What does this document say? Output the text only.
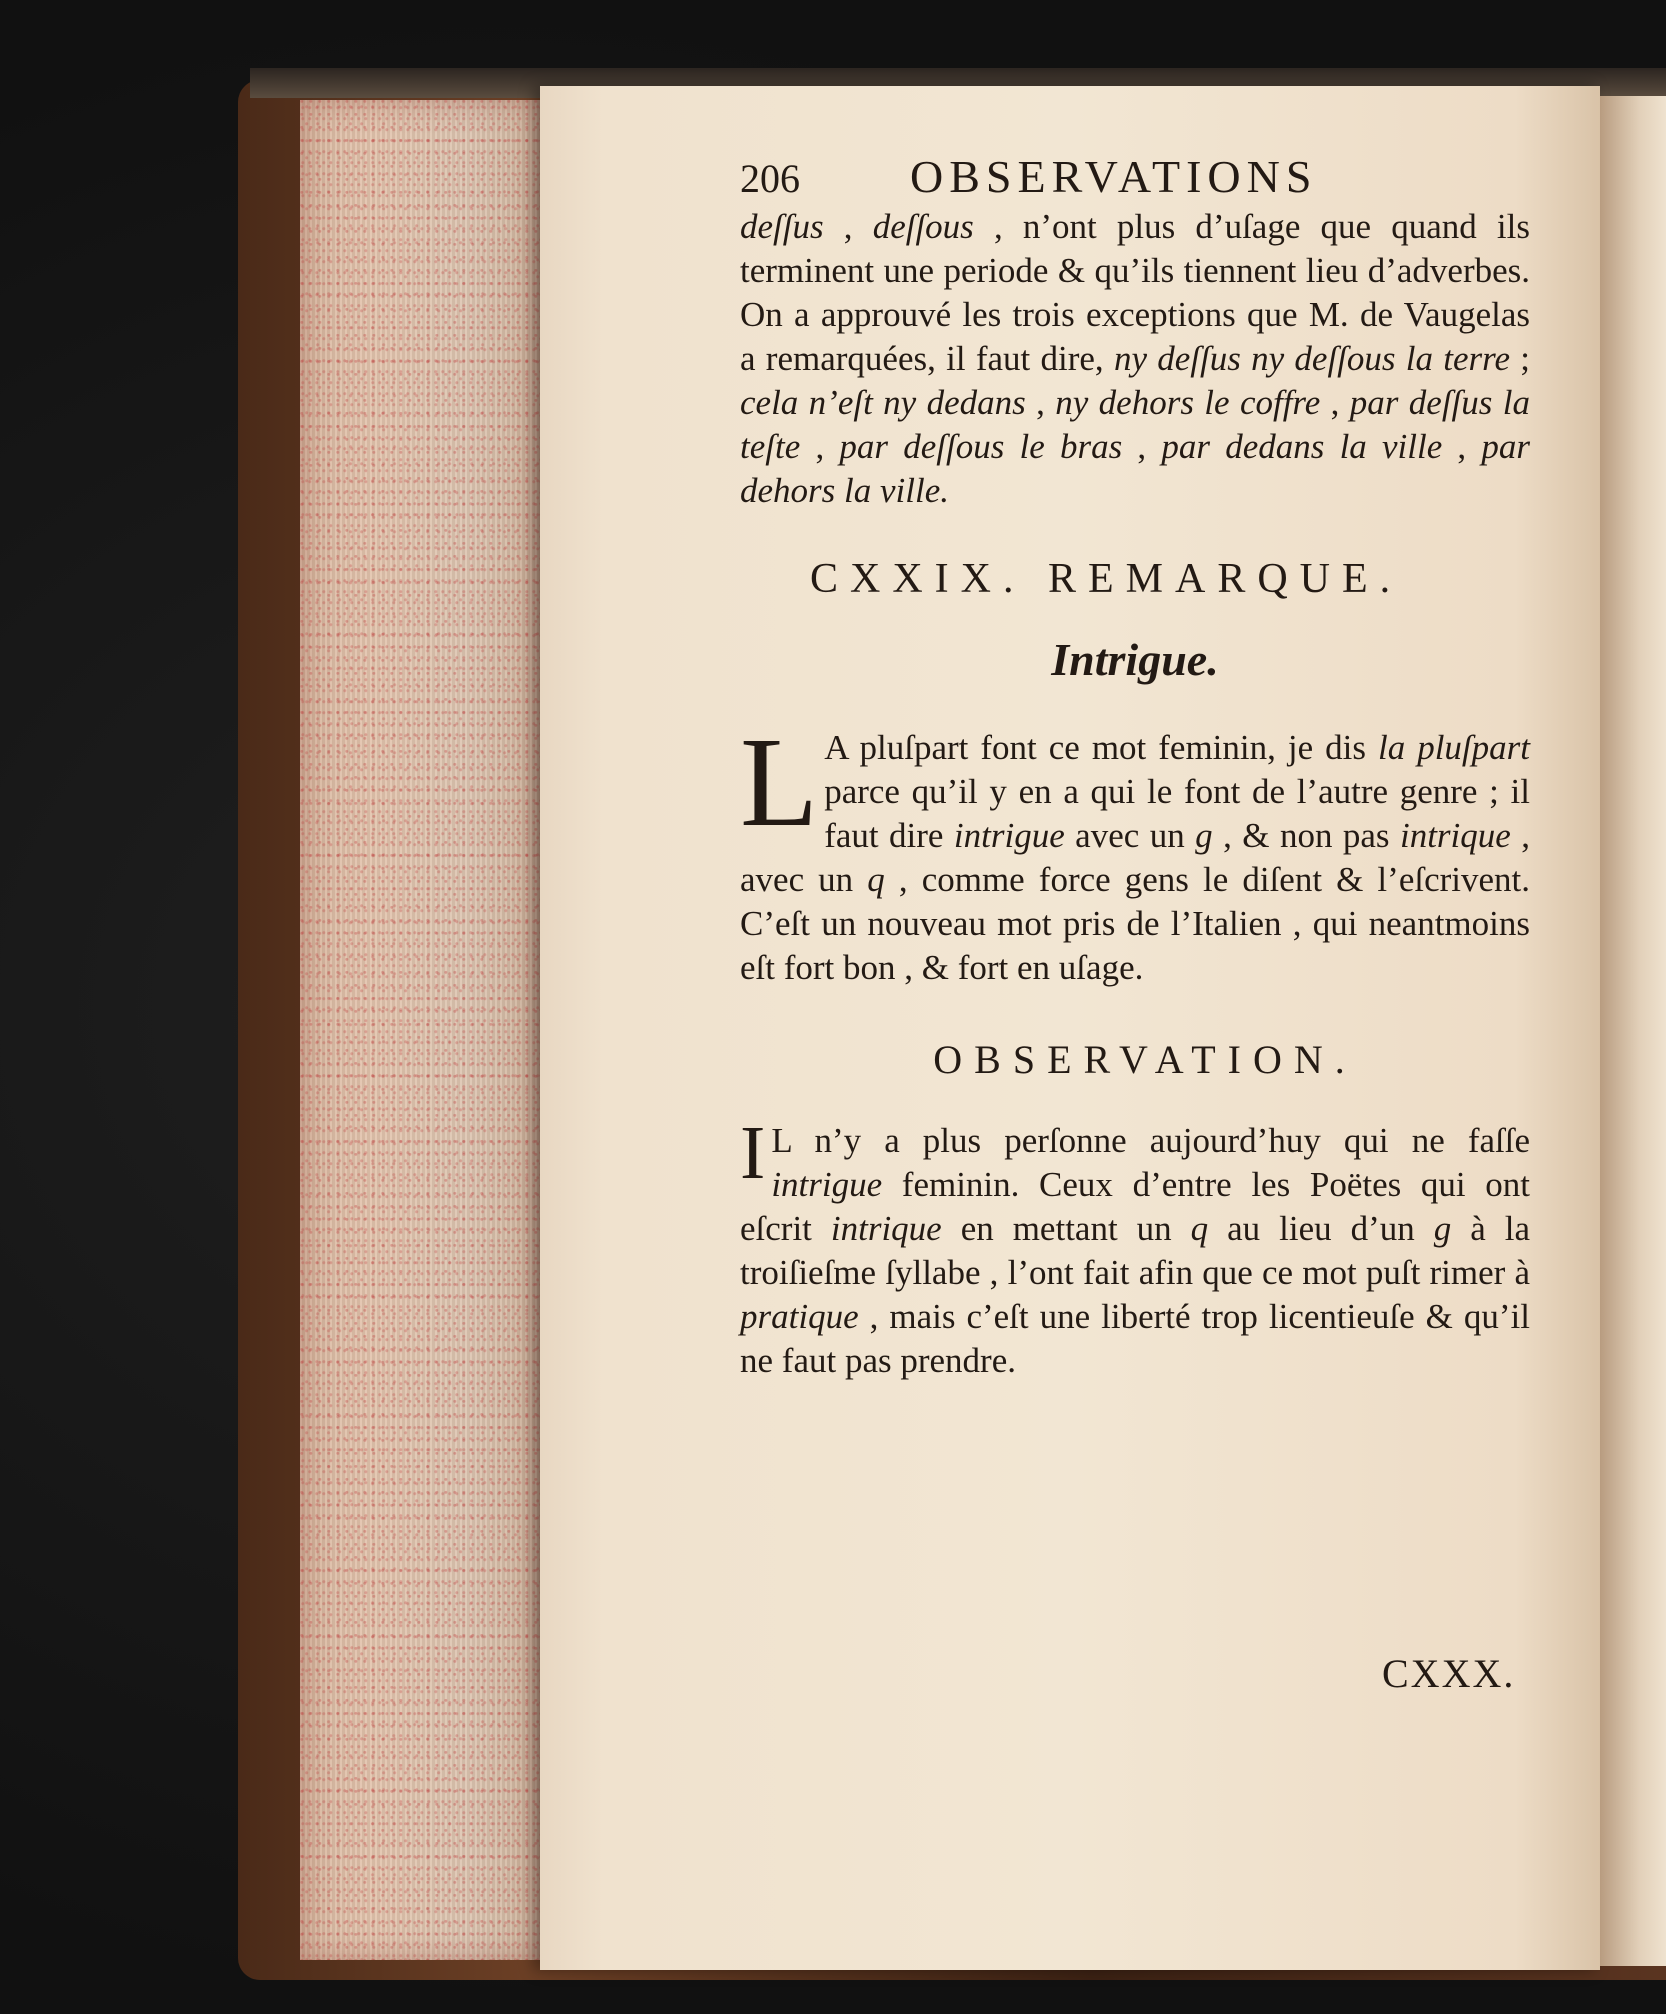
206	OBSERVATIONS

deſſus , deſſous , n’ont plus d’uſage que quand ils terminent une periode & qu’ils tiennent lieu d’adverbes. On a approuvé les trois exceptions que M. de Vaugelas a remarquées, il faut dire, ny deſſus ny deſſous la terre ; cela n’eſt ny dedans , ny dehors le coffre , par deſſus la teſte , par deſſous le bras , par dedans la ville , par dehors la ville.

CXXIX. REMARQUE.
Intrigue.

L A pluſpart font ce mot feminin, je dis la pluſpart parce qu’il y en a qui le font de l’autre genre ; il faut dire intrigue avec un g , & non pas intrique , avec un q , comme force gens le diſent & l’eſcrivent. C’eſt un nouveau mot pris de l’Italien , qui neantmoins eſt fort bon , & fort en uſage.

OBSERVATION.

I L n’y a plus perſonne aujourd’huy qui ne faſſe intrigue feminin. Ceux d’entre les Poëtes qui ont eſcrit intrique en mettant un q au lieu d’un g à la troiſieſme ſyllabe , l’ont fait afin que ce mot puſt rimer à pratique , mais c’eſt une liberté trop licentieuſe & qu’il ne faut pas prendre.

CXXX.
